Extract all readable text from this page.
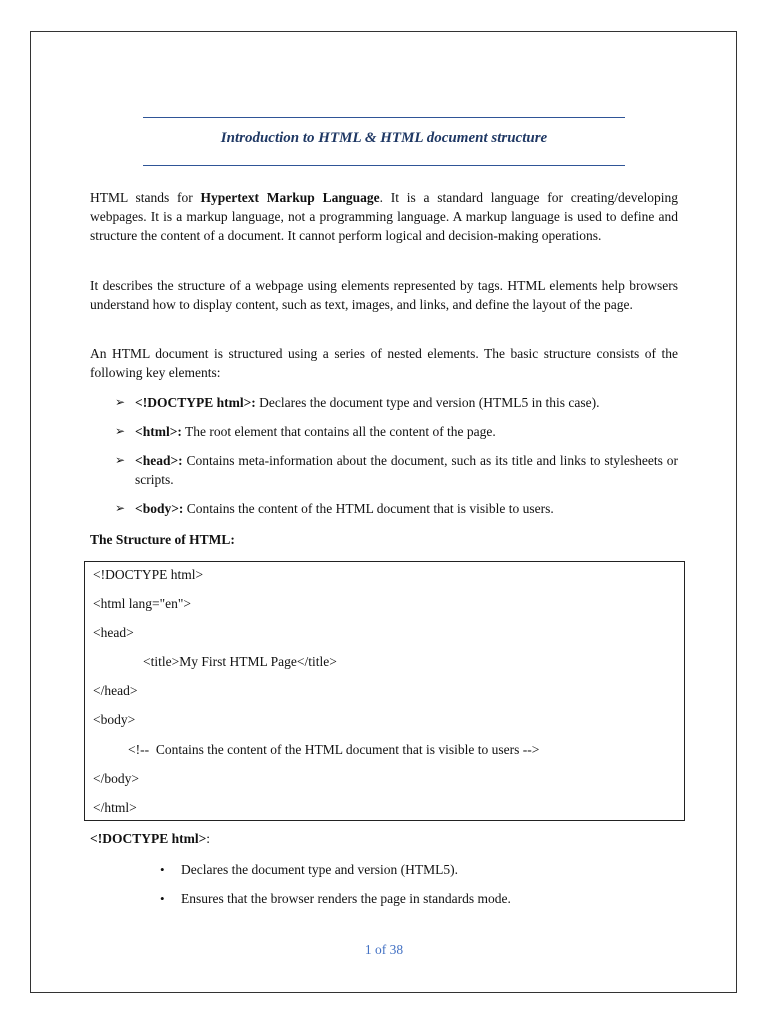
Introduction to HTML & HTML document structure

HTML stands for Hypertext Markup Language. It is a standard language for creating/developing webpages. It is a markup language, not a programming language. A markup language is used to define and structure the content of a document. It cannot perform logical and decision-making operations.

It describes the structure of a webpage using elements represented by tags. HTML elements help browsers understand how to display content, such as text, images, and links, and define the layout of the page.

An HTML document is structured using a series of nested elements. The basic structure consists of the following key elements:

➢ <!DOCTYPE html>: Declares the document type and version (HTML5 in this case).
➢ <html>: The root element that contains all the content of the page.
➢ <head>: Contains meta-information about the document, such as its title and links to stylesheets or scripts.
➢ <body>: Contains the content of the HTML document that is visible to users.
The Structure of HTML:
<!DOCTYPE html>
<html lang="en">
<head>
<title>My First HTML Page</title>
</head>
<body>
<!--  Contains the content of the HTML document that is visible to users -->
</body>
</html>
<!DOCTYPE html>:
• Declares the document type and version (HTML5).
• Ensures that the browser renders the page in standards mode.
1 of 38
